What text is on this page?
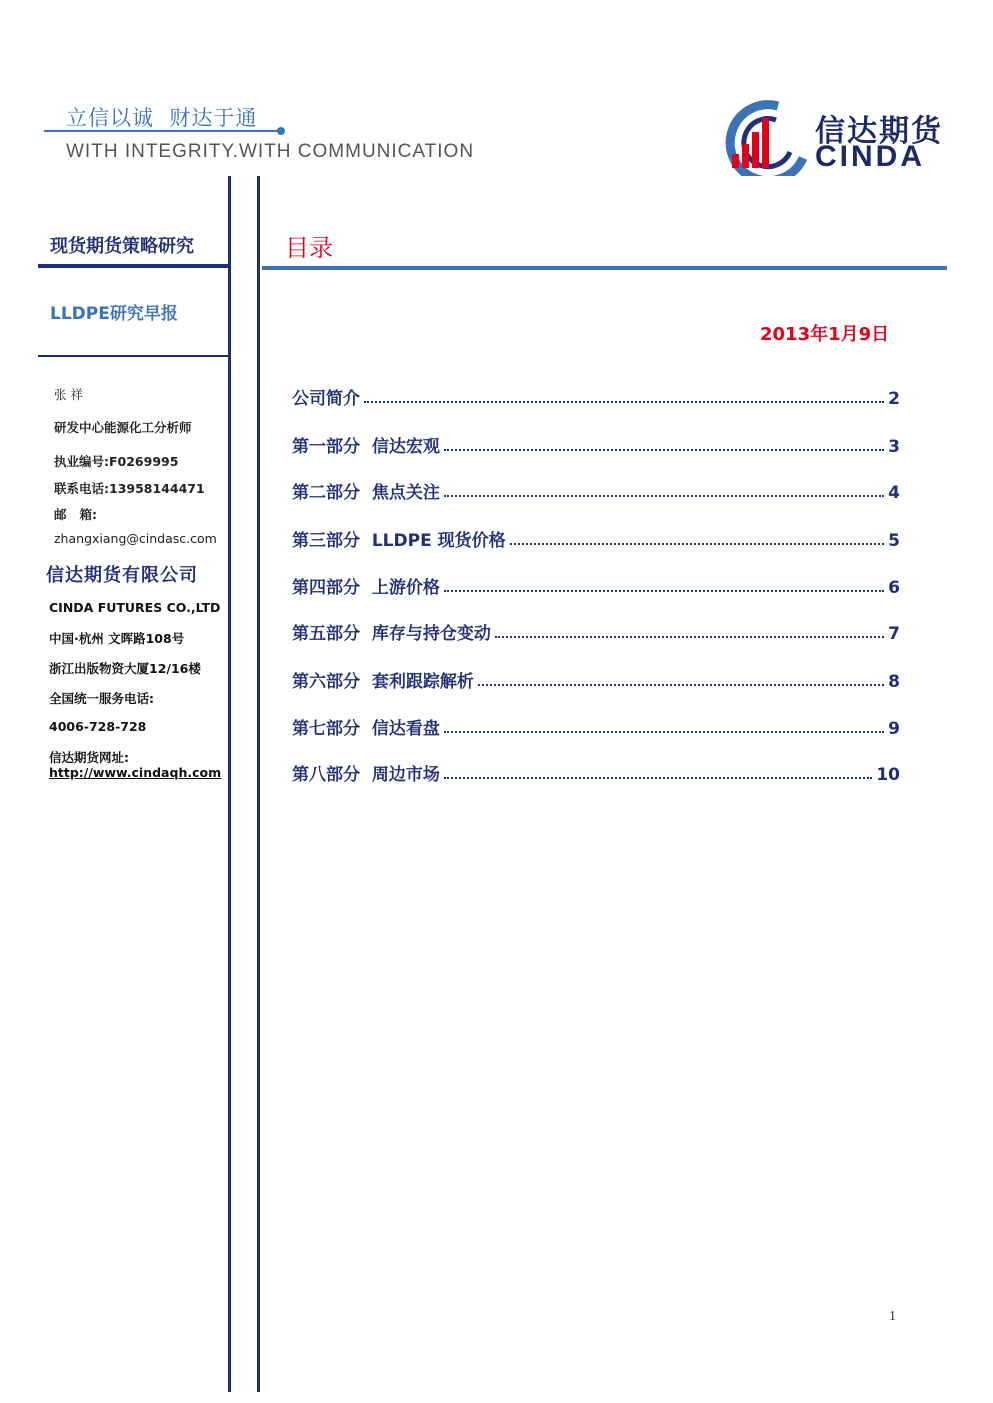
立信以诚  财达于通
WITH INTEGRITY.WITH COMMUNICATION
信达期货
CINDA
现货期货策略研究
LLDPE研究早报
张 祥
研发中心能源化工分析师
执业编号:F0269995
联系电话:13958144471
邮   箱:
zhangxiang@cindasc.com
信达期货有限公司
CINDA FUTURES CO.,LTD
中国·杭州 文晖路108号
浙江出版物资大厦12/16楼
全国统一服务电话:
4006-728-728
信达期货网址:
http://www.cindaqh.com
目录
2013年1月9日
公司简介	2
第一部分  信达宏观	3
第二部分  焦点关注	4
第三部分  LLDPE 现货价格	5
第四部分  上游价格	6
第五部分  库存与持仓变动	7
第六部分  套利跟踪解析	8
第七部分  信达看盘	9
第八部分  周边市场	10
1
